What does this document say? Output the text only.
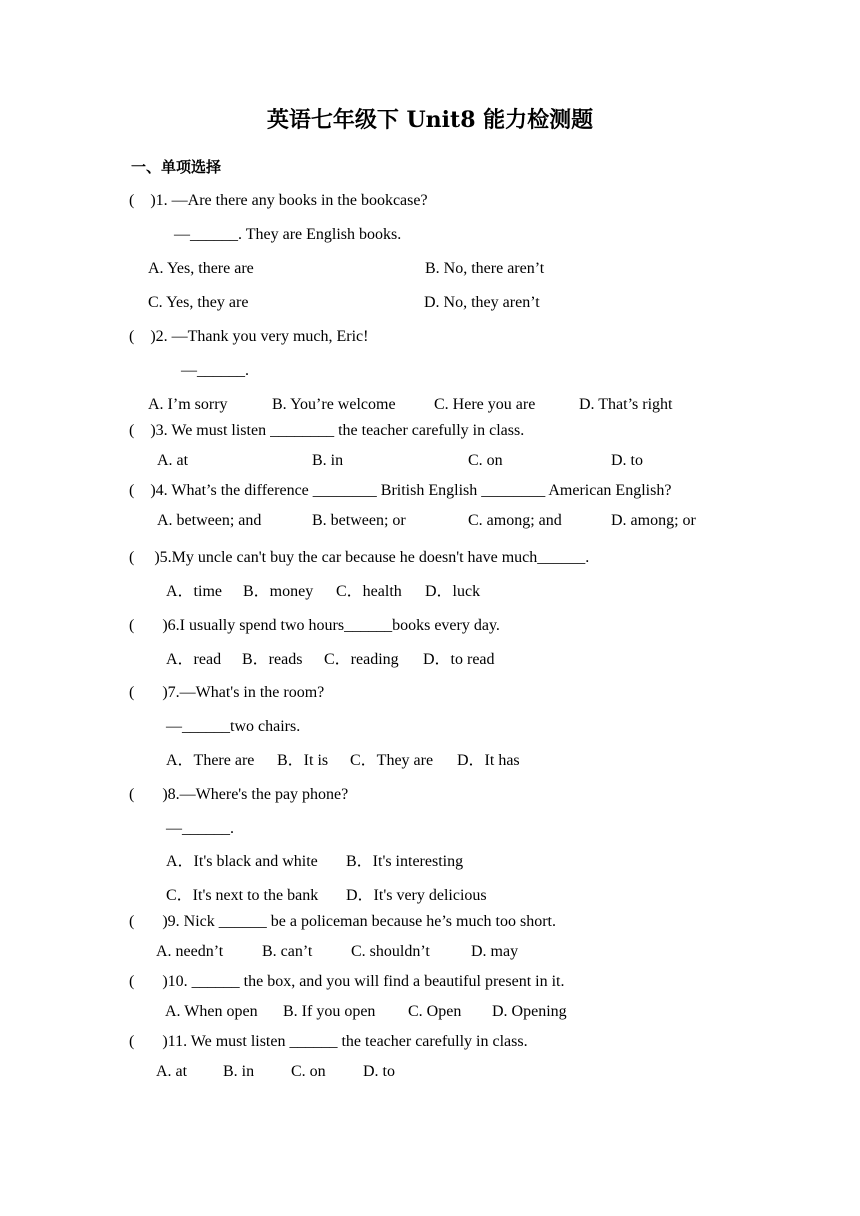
英语七年级下 Unit8 能力检测题
一、单项选择
(    )1. —Are there any books in the bookcase?
—______. They are English books.
A. Yes, there are	B. No, there aren’t
C. Yes, they are	D. No, they aren’t
(    )2. —Thank you very much, Eric!
—______.
A. I’m sorry	B. You’re welcome C. Here you are	D. That’s right
(    )3. We must listen ________ the teacher carefully in class.
A. at	B. in	C. on	D. to
(    )4. What’s the difference ________ British English ________ American English?
A. between; and	B. between; or	C. among; and	D. among; or
(     )5.My uncle can't buy the car because he doesn't have much______.
A．time B．money C．health D．luck
(       )6.I usually spend two hours______books every day.
A．read B．reads C．reading D．to read
(       )7.—What's in the room?
—______two chairs.
A．There are B．It is C．They are D．It has
(       )8.—Where's the pay phone?
—______.
A．It's black and white B．It's interesting
C．It's next to the bank D．It's very delicious
(       )9. Nick ______ be a policeman because he’s much too short.
A. needn’t B. can’t C. shouldn’t	D. may
(       )10. ______ the box, and you will find a beautiful present in it.
A. When open B. If you open C. Open D. Opening
(       )11. We must listen ______ the teacher carefully in class.
A. at B. in C. on D. to
